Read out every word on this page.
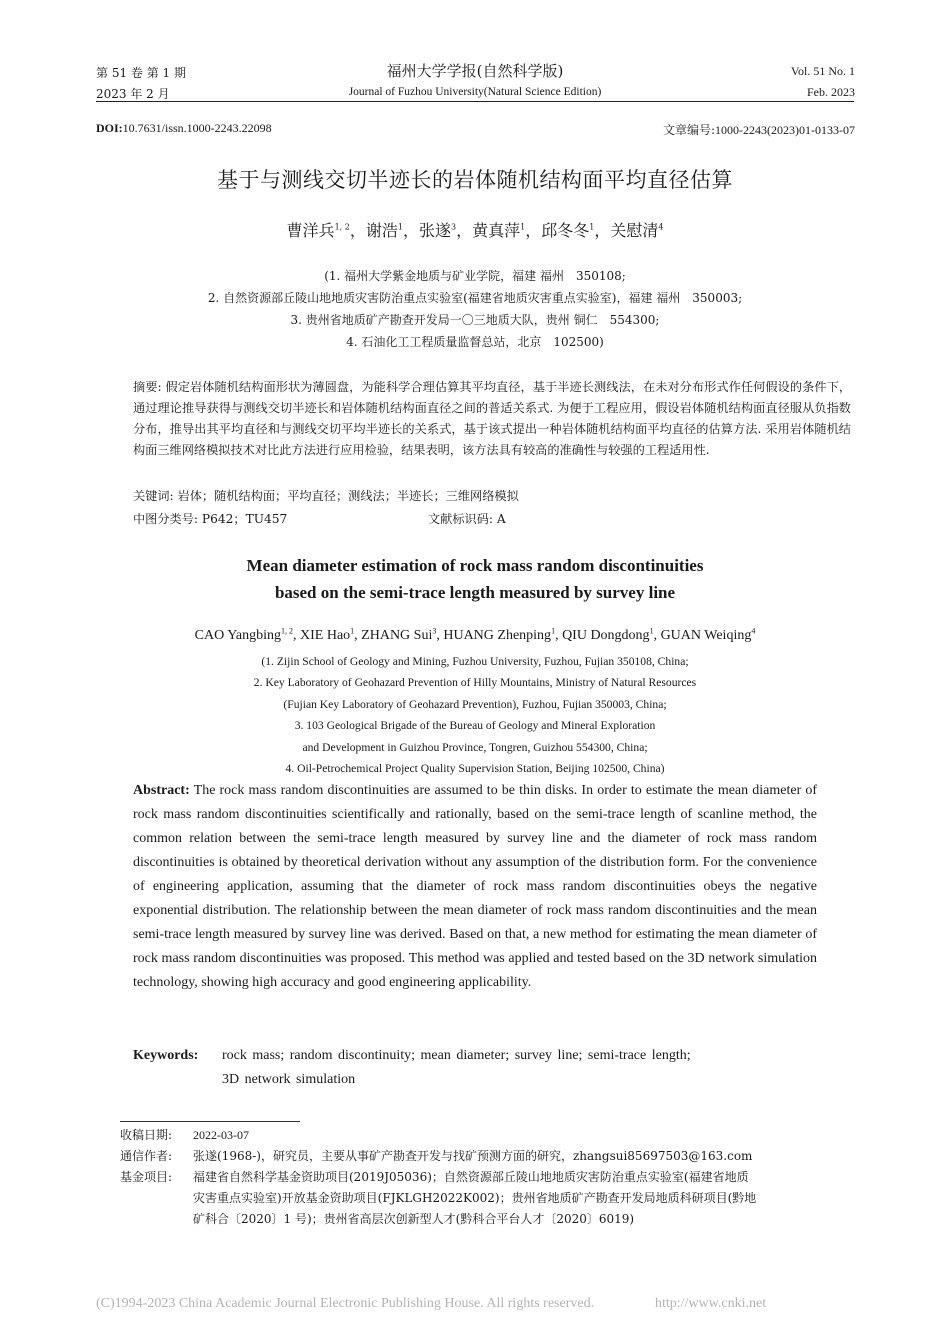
第 51 卷 第 1 期	福州大学学报(自然科学版)	Vol. 51 No. 1
2023 年 2 月	Journal of Fuzhou University(Natural Science Edition)	Feb. 2023
DOI:10.7631/issn.1000-2243.22098	文章编号:1000-2243(2023)01-0133-07
基于与测线交切半迹长的岩体随机结构面平均直径估算
曹洋兵$^{1, 2}$，谢浩$^1$，张遂$^3$，黄真萍$^1$，邱冬冬$^1$，关慰清$^4$
(1. 福州大学紫金地质与矿业学院，福建 福州　350108;
2. 自然资源部丘陵山地地质灾害防治重点实验室(福建省地质灾害重点实验室)，福建 福州　350003;
3. 贵州省地质矿产勘查开发局一〇三地质大队，贵州 铜仁　554300;
4. 石油化工工程质量监督总站，北京　102500)
摘要: 假定岩体随机结构面形状为薄圆盘，为能科学合理估算其平均直径，基于半迹长测线法，在未对分布形式作任何假设的条件下，通过理论推导获得与测线交切半迹长和岩体随机结构面直径之间的普适关系式. 为便于工程应用，假设岩体随机结构面直径服从负指数分布，推导出其平均直径和与测线交切平均半迹长的关系式，基于该式提出一种岩体随机结构面平均直径的估算方法. 采用岩体随机结构面三维网络模拟技术对比此方法进行应用检验，结果表明，该方法具有较高的准确性与较强的工程适用性.
关键词: 岩体；随机结构面；平均直径；测线法；半迹长；三维网络模拟
中图分类号: P642；TU457	文献标识码: A
Mean diameter estimation of rock mass random discontinuities
based on the semi-trace length measured by survey line
CAO Yangbing$^{1, 2}$, XIE Hao$^1$, ZHANG Sui$^3$, HUANG Zhenping$^1$, QIU Dongdong$^1$, GUAN Weiqing$^4$
(1. Zijin School of Geology and Mining, Fuzhou University, Fuzhou, Fujian 350108, China;
2. Key Laboratory of Geohazard Prevention of Hilly Mountains, Ministry of Natural Resources
(Fujian Key Laboratory of Geohazard Prevention), Fuzhou, Fujian 350003, China;
3. 103 Geological Brigade of the Bureau of Geology and Mineral Exploration
and Development in Guizhou Province, Tongren, Guizhou 554300, China;
4. Oil-Petrochemical Project Quality Supervision Station, Beijing 102500, China)
Abstract: The rock mass random discontinuities are assumed to be thin disks. In order to estimate the mean diameter of rock mass random discontinuities scientifically and rationally, based on the semi-trace length of scanline method, the common relation between the semi-trace length measured by survey line and the diameter of rock mass random discontinuities is obtained by theoretical derivation without any assumption of the distribution form. For the convenience of engineering application, assuming that the diameter of rock mass random discontinuities obeys the negative exponential distribution. The relationship between the mean diameter of rock mass random discontinuities and the mean semi-trace length measured by survey line was derived. Based on that, a new method for estimating the mean diameter of rock mass random discontinuities was proposed. This method was applied and tested based on the 3D network simulation technology, showing high accuracy and good engineering applicability.
Keywords: rock mass; random discontinuity; mean diameter; survey line; semi-trace length;
3D network simulation
收稿日期: 2022-03-07
通信作者: 张遂(1968-)，研究员，主要从事矿产勘查开发与找矿预测方面的研究，zhangsui85697503@163.com
基金项目: 福建省自然科学基金资助项目(2019J05036)；自然资源部丘陵山地地质灾害防治重点实验室(福建省地质
灾害重点实验室)开放基金资助项目(FJKLGH2022K002)；贵州省地质矿产勘查开发局地质科研项目(黔地
矿科合〔2020〕1 号)；贵州省高层次创新型人才(黔科合平台人才〔2020〕6019)
(C)1994-2023 China Academic Journal Electronic Publishing House. All rights reserved.	http://www.cnki.net
